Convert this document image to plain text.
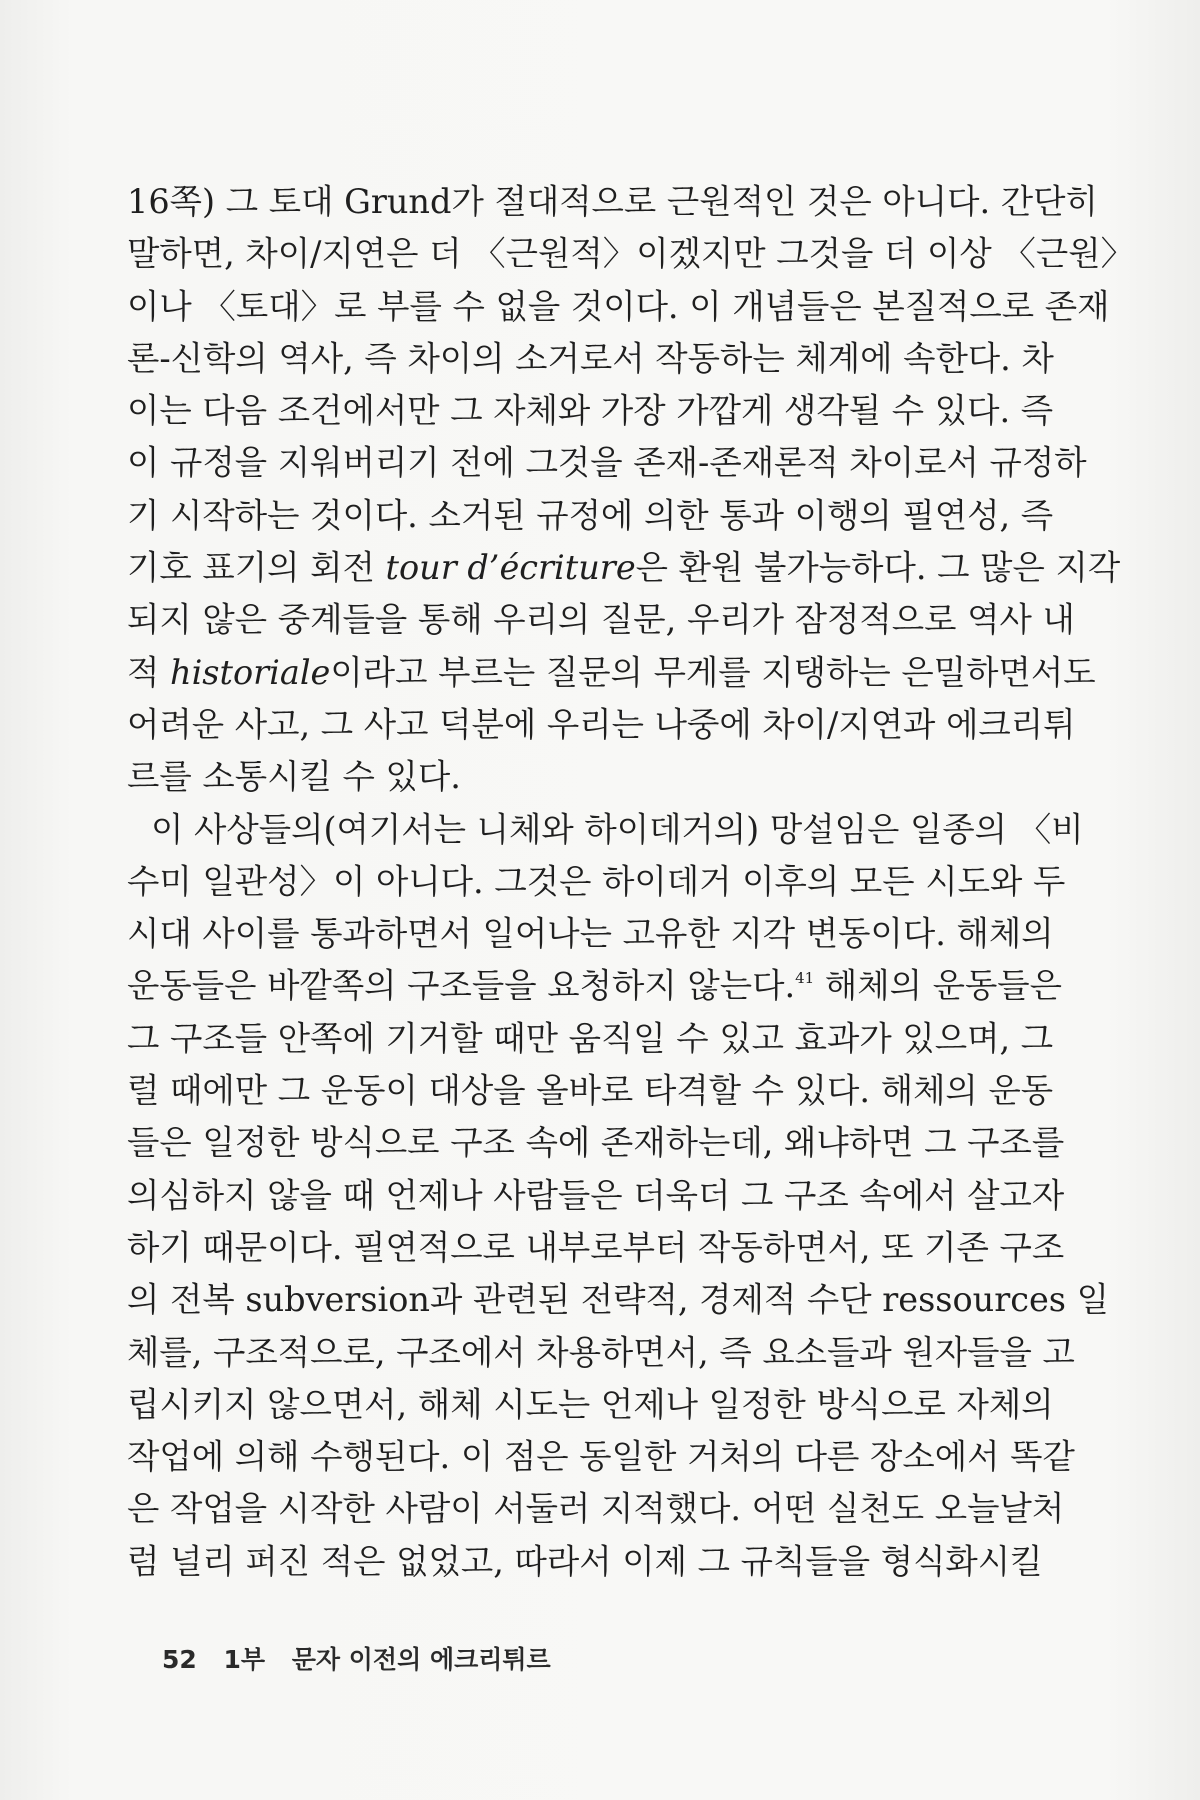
16쪽) 그 토대 Grund가 절대적으로 근원적인 것은 아니다. 간단히
말하면, 차이/지연은 더 〈근원적〉이겠지만 그것을 더 이상 〈근원〉
이나 〈토대〉로 부를 수 없을 것이다. 이 개념들은 본질적으로 존재
론-신학의 역사, 즉 차이의 소거로서 작동하는 체계에 속한다. 차
이는 다음 조건에서만 그 자체와 가장 가깝게 생각될 수 있다. 즉
이 규정을 지워버리기 전에 그것을 존재-존재론적 차이로서 규정하
기 시작하는 것이다. 소거된 규정에 의한 통과 이행의 필연성, 즉
기호 표기의 회전 tour d’écriture은 환원 불가능하다. 그 많은 지각
되지 않은 중계들을 통해 우리의 질문, 우리가 잠정적으로 역사 내
적 historiale이라고 부르는 질문의 무게를 지탱하는 은밀하면서도
어려운 사고, 그 사고 덕분에 우리는 나중에 차이/지연과 에크리튀
르를 소통시킬 수 있다.
이 사상들의(여기서는 니체와 하이데거의) 망설임은 일종의 〈비
수미 일관성〉이 아니다. 그것은 하이데거 이후의 모든 시도와 두
시대 사이를 통과하면서 일어나는 고유한 지각 변동이다. 해체의
운동들은 바깥쪽의 구조들을 요청하지 않는다.$^{41}$ 해체의 운동들은
그 구조들 안쪽에 기거할 때만 움직일 수 있고 효과가 있으며, 그
럴 때에만 그 운동이 대상을 올바로 타격할 수 있다. 해체의 운동
들은 일정한 방식으로 구조 속에 존재하는데, 왜냐하면 그 구조를
의심하지 않을 때 언제나 사람들은 더욱더 그 구조 속에서 살고자
하기 때문이다. 필연적으로 내부로부터 작동하면서, 또 기존 구조
의 전복 subversion과 관련된 전략적, 경제적 수단 ressources 일
체를, 구조적으로, 구조에서 차용하면서, 즉 요소들과 원자들을 고
립시키지 않으면서, 해체 시도는 언제나 일정한 방식으로 자체의
작업에 의해 수행된다. 이 점은 동일한 거처의 다른 장소에서 똑같
은 작업을 시작한 사람이 서둘러 지적했다. 어떤 실천도 오늘날처
럼 널리 퍼진 적은 없었고, 따라서 이제 그 규칙들을 형식화시킬
52 1부 문자 이전의 에크리튀르
